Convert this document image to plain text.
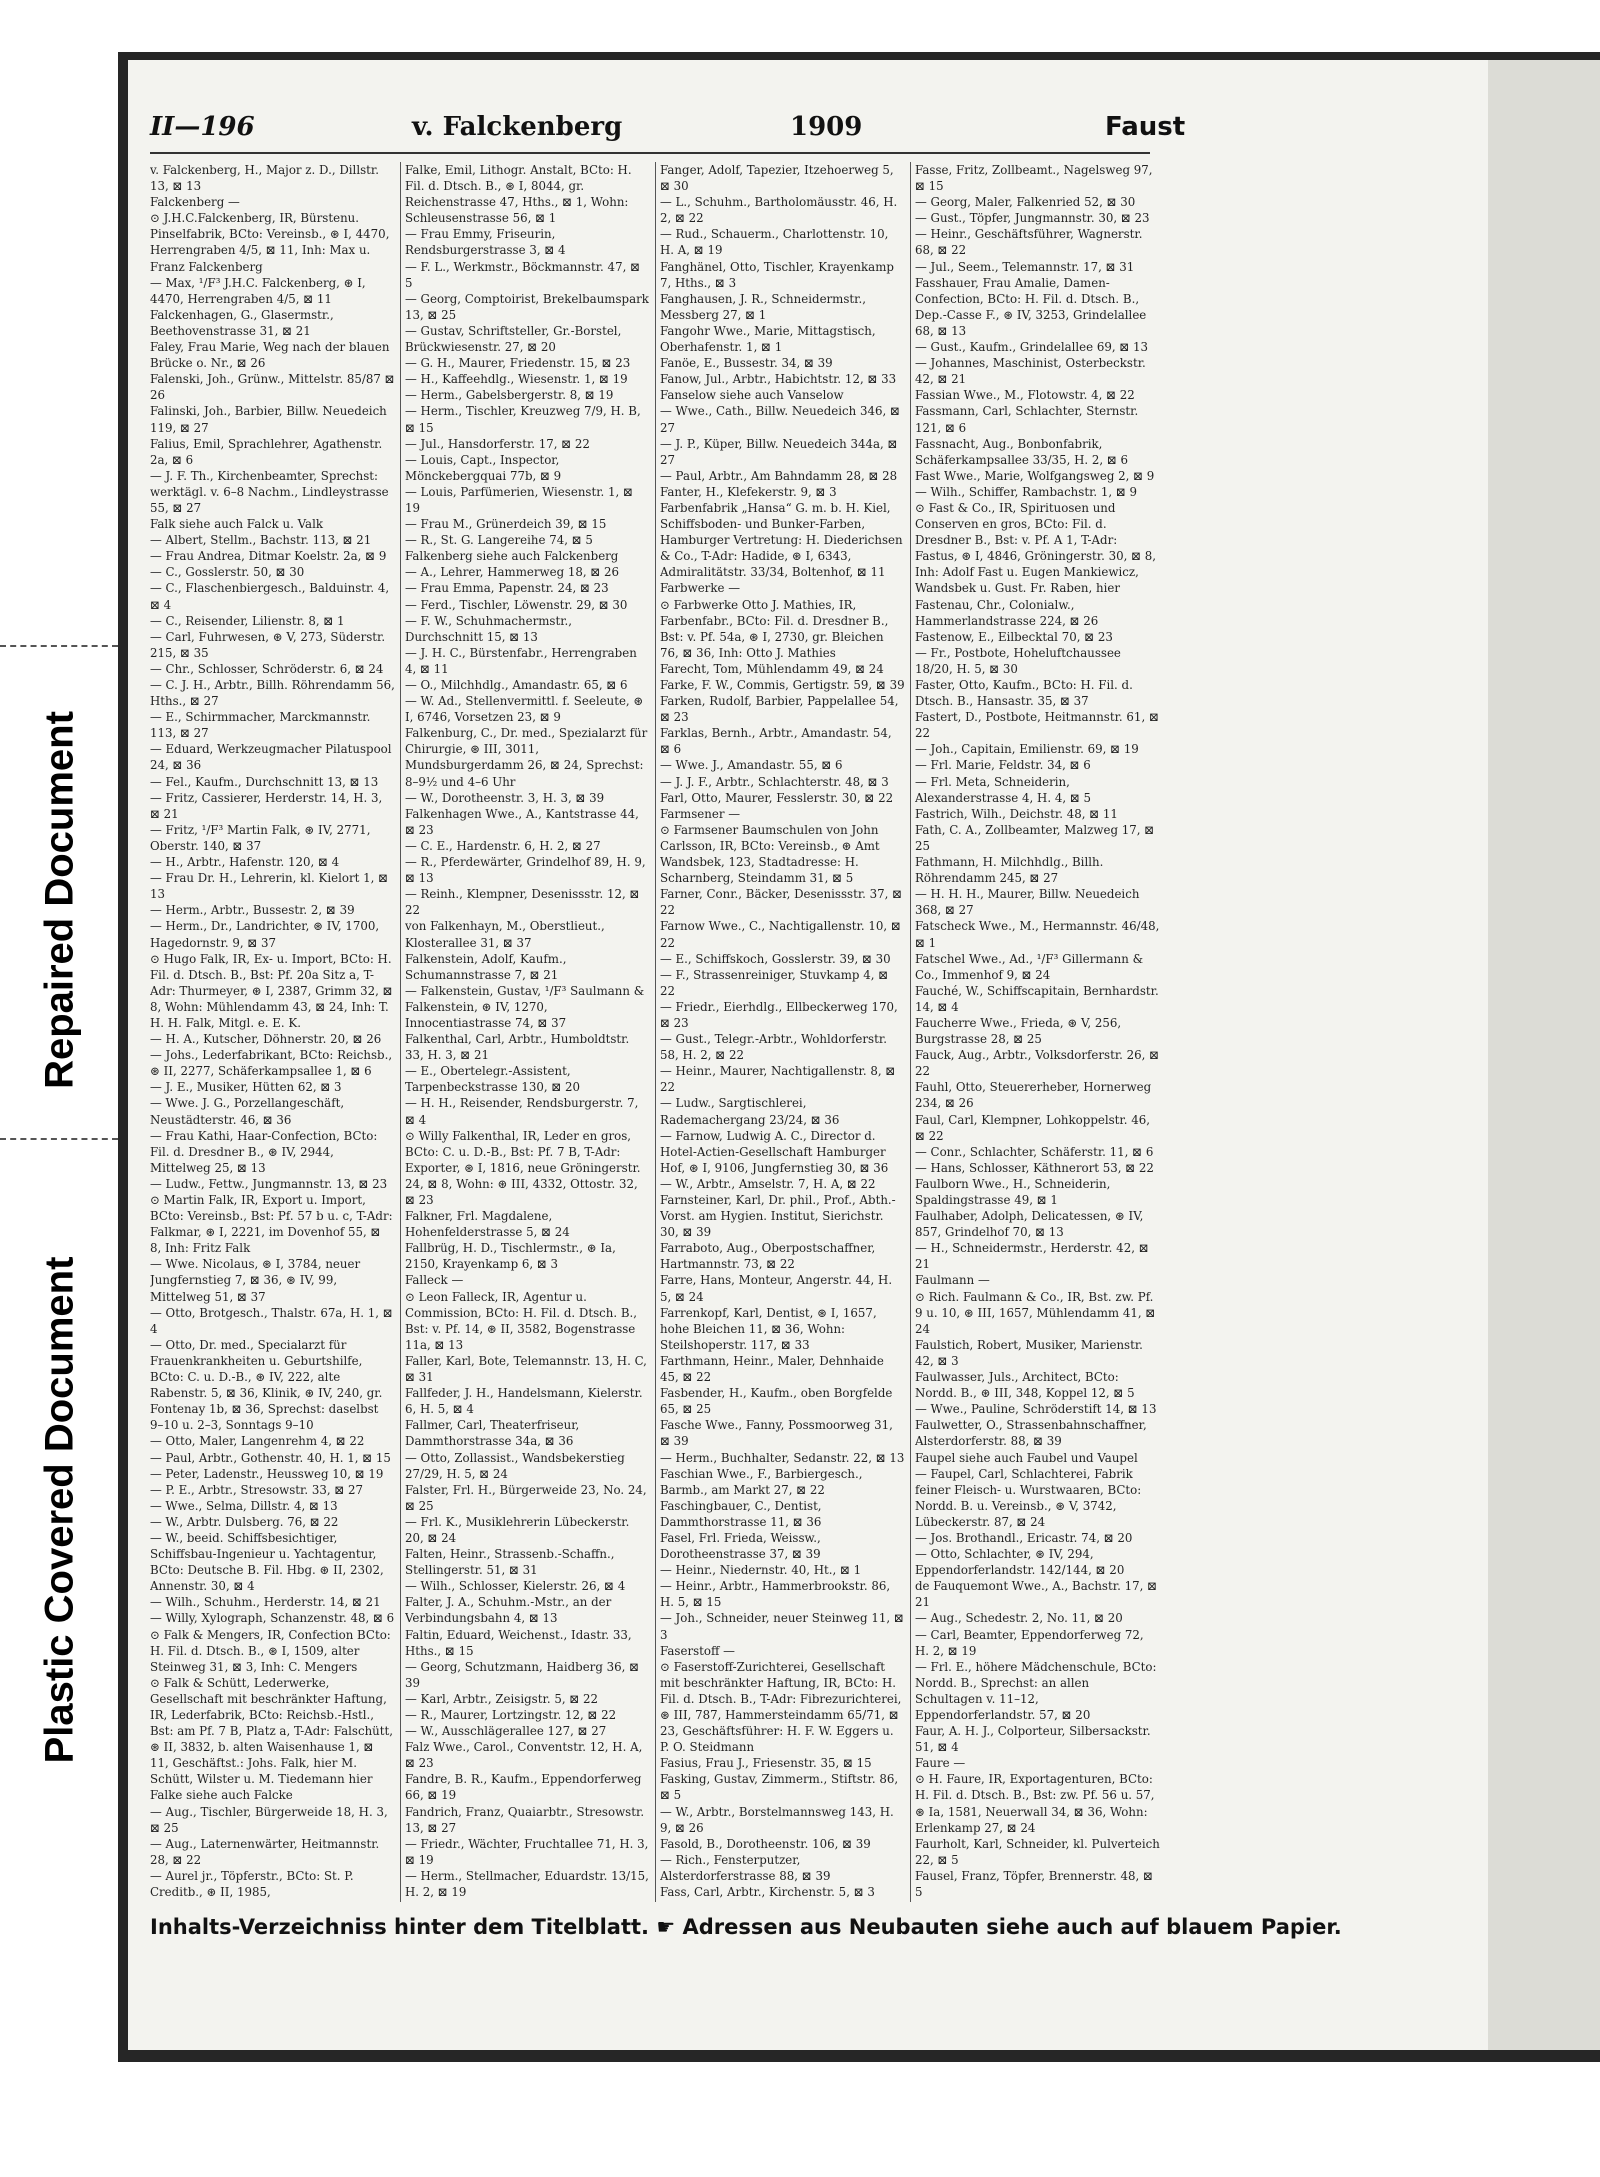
Repaired Document
Plastic Covered Document
II—196	v. Falckenberg	1909	Faust

v. Falckenberg, H., Major z. D., Dillstr. 13, ⊠ 13

Falckenberg —

⊙ J.H.C.Falckenberg, IR, Bürstenu. Pinselfabrik, BCto: Vereinsb., ⊛ I, 4470, Herrengraben 4/5, ⊠ 11, Inh: Max u. Franz Falckenberg

— Max, ¹/F³ J.H.C. Falckenberg, ⊛ I, 4470, Herrengraben 4/5, ⊠ 11

Falckenhagen, G., Glasermstr., Beethovenstrasse 31, ⊠ 21

Faley, Frau Marie, Weg nach der blauen Brücke o. Nr., ⊠ 26

Falenski, Joh., Grünw., Mittelstr. 85/87 ⊠ 26

Falinski, Joh., Barbier, Billw. Neuedeich 119, ⊠ 27

Falius, Emil, Sprachlehrer, Agathenstr. 2a, ⊠ 6

— J. F. Th., Kirchenbeamter, Sprechst: werktägl. v. 6–8 Nachm., Lindleystrasse 55, ⊠ 27

Falk siehe auch Falck u. Valk

— Albert, Stellm., Bachstr. 113, ⊠ 21

— Frau Andrea, Ditmar Koelstr. 2a, ⊠ 9

— C., Gosslerstr. 50, ⊠ 30

— C., Flaschenbiergesch., Balduinstr. 4, ⊠ 4

— C., Reisender, Lilienstr. 8, ⊠ 1

— Carl, Fuhrwesen, ⊛ V, 273, Süderstr. 215, ⊠ 35

— Chr., Schlosser, Schröderstr. 6, ⊠ 24

— C. J. H., Arbtr., Billh. Röhrendamm 56, Hths., ⊠ 27

— E., Schirmmacher, Marckmannstr. 113, ⊠ 27

— Eduard, Werkzeugmacher Pilatuspool 24, ⊠ 36

— Fel., Kaufm., Durchschnitt 13, ⊠ 13

— Fritz, Cassierer, Herderstr. 14, H. 3, ⊠ 21

— Fritz, ¹/F³ Martin Falk, ⊛ IV, 2771, Oberstr. 140, ⊠ 37

— H., Arbtr., Hafenstr. 120, ⊠ 4

— Frau Dr. H., Lehrerin, kl. Kielort 1, ⊠ 13

— Herm., Arbtr., Bussestr. 2, ⊠ 39

— Herm., Dr., Landrichter, ⊛ IV, 1700, Hagedornstr. 9, ⊠ 37

⊙ Hugo Falk, IR, Ex- u. Import, BCto: H. Fil. d. Dtsch. B., Bst: Pf. 20a Sitz a, T-Adr: Thurmeyer, ⊛ I, 2387, Grimm 32, ⊠ 8, Wohn: Mühlendamm 43, ⊠ 24, Inh: T. H. H. Falk, Mitgl. e. E. K.

— H. A., Kutscher, Döhnerstr. 20, ⊠ 26

— Johs., Lederfabrikant, BCto: Reichsb., ⊛ II, 2277, Schäferkampsallee 1, ⊠ 6

— J. E., Musiker, Hütten 62, ⊠ 3

— Wwe. J. G., Porzellangeschäft, Neustädterstr. 46, ⊠ 36

— Frau Kathi, Haar-Confection, BCto: Fil. d. Dresdner B., ⊛ IV, 2944, Mittelweg 25, ⊠ 13

— Ludw., Fettw., Jungmannstr. 13, ⊠ 23

⊙ Martin Falk, IR, Export u. Import, BCto: Vereinsb., Bst: Pf. 57 b u. c, T-Adr: Falkmar, ⊛ I, 2221, im Dovenhof 55, ⊠ 8, Inh: Fritz Falk

— Wwe. Nicolaus, ⊛ I, 3784, neuer Jungfernstieg 7, ⊠ 36, ⊛ IV, 99, Mittelweg 51, ⊠ 37

— Otto, Brotgesch., Thalstr. 67a, H. 1, ⊠ 4

— Otto, Dr. med., Specialarzt für Frauenkrankheiten u. Geburtshilfe, BCto: C. u. D.-B., ⊛ IV, 222, alte Rabenstr. 5, ⊠ 36, Klinik, ⊛ IV, 240, gr. Fontenay 1b, ⊠ 36, Sprechst: daselbst 9–10 u. 2–3, Sonntags 9–10

— Otto, Maler, Langenrehm 4, ⊠ 22

— Paul, Arbtr., Gothenstr. 40, H. 1, ⊠ 15

— Peter, Ladenstr., Heussweg 10, ⊠ 19

— P. E., Arbtr., Stresowstr. 33, ⊠ 27

— Wwe., Selma, Dillstr. 4, ⊠ 13

— W., Arbtr. Dulsberg. 76, ⊠ 22

— W., beeid. Schiffsbesichtiger, Schiffsbau-Ingenieur u. Yachtagentur, BCto: Deutsche B. Fil. Hbg. ⊛ II, 2302, Annenstr. 30, ⊠ 4

— Wilh., Schuhm., Herderstr. 14, ⊠ 21

— Willy, Xylograph, Schanzenstr. 48, ⊠ 6

⊙ Falk & Mengers, IR, Confection BCto: H. Fil. d. Dtsch. B., ⊛ I, 1509, alter Steinweg 31, ⊠ 3, Inh: C. Mengers

⊙ Falk & Schütt, Lederwerke, Gesellschaft mit beschränkter Haftung, IR, Lederfabrik, BCto: Reichsb.-Hstl., Bst: am Pf. 7 B, Platz a, T-Adr: Falschütt, ⊛ II, 3832, b. alten Waisenhause 1, ⊠ 11, Geschäftst.: Johs. Falk, hier M. Schütt, Wilster u. M. Tiedemann hier

Falke siehe auch Falcke

— Aug., Tischler, Bürgerweide 18, H. 3, ⊠ 25

— Aug., Laternenwärter, Heitmannstr. 28, ⊠ 22

— Aurel jr., Töpferstr., BCto: St. P. Creditb., ⊛ II, 1985,

Falke, Emil, Lithogr. Anstalt, BCto: H. Fil. d. Dtsch. B., ⊛ I, 8044, gr. Reichenstrasse 47, Hths., ⊠ 1, Wohn: Schleusenstrasse 56, ⊠ 1

— Frau Emmy, Friseurin, Rendsburgerstrasse 3, ⊠ 4

— F. L., Werkmstr., Böckmannstr. 47, ⊠ 5

— Georg, Comptoirist, Brekelbaumspark 13, ⊠ 25

— Gustav, Schriftsteller, Gr.-Borstel, Brückwiesenstr. 27, ⊠ 20

— G. H., Maurer, Friedenstr. 15, ⊠ 23

— H., Kaffeehdlg., Wiesenstr. 1, ⊠ 19

— Herm., Gabelsbergerstr. 8, ⊠ 19

— Herm., Tischler, Kreuzweg 7/9, H. B, ⊠ 15

— Jul., Hansdorferstr. 17, ⊠ 22

— Louis, Capt., Inspector, Mönckebergquai 77b, ⊠ 9

— Louis, Parfümerien, Wiesenstr. 1, ⊠ 19

— Frau M., Grünerdeich 39, ⊠ 15

— R., St. G. Langereihe 74, ⊠ 5

Falkenberg siehe auch Falckenberg

— A., Lehrer, Hammerweg 18, ⊠ 26

— Frau Emma, Papenstr. 24, ⊠ 23

— Ferd., Tischler, Löwenstr. 29, ⊠ 30

— F. W., Schuhmachermstr., Durchschnitt 15, ⊠ 13

— J. H. C., Bürstenfabr., Herrengraben 4, ⊠ 11

— O., Milchhdlg., Amandastr. 65, ⊠ 6

— W. Ad., Stellenvermittl. f. Seeleute, ⊛ I, 6746, Vorsetzen 23, ⊠ 9

Falkenburg, C., Dr. med., Spezialarzt für Chirurgie, ⊛ III, 3011, Mundsburgerdamm 26, ⊠ 24, Sprechst: 8–9½ und 4–6 Uhr

— W., Dorotheenstr. 3, H. 3, ⊠ 39

Falkenhagen Wwe., A., Kantstrasse 44, ⊠ 23

— C. E., Hardenstr. 6, H. 2, ⊠ 27

— R., Pferdewärter, Grindelhof 89, H. 9, ⊠ 13

— Reinh., Klempner, Desenissstr. 12, ⊠ 22

von Falkenhayn, M., Oberstlieut., Klosterallee 31, ⊠ 37

Falkenstein, Adolf, Kaufm., Schumannstrasse 7, ⊠ 21

— Falkenstein, Gustav, ¹/F³ Saulmann & Falkenstein, ⊛ IV, 1270, Innocentiastrasse 74, ⊠ 37

Falkenthal, Carl, Arbtr., Humboldtstr. 33, H. 3, ⊠ 21

— E., Obertelegr.-Assistent, Tarpenbeckstrasse 130, ⊠ 20

— H. H., Reisender, Rendsburgerstr. 7, ⊠ 4

⊙ Willy Falkenthal, IR, Leder en gros, BCto: C. u. D.-B., Bst: Pf. 7 B, T-Adr: Exporter, ⊛ I, 1816, neue Gröningerstr. 24, ⊠ 8, Wohn: ⊛ III, 4332, Ottostr. 32, ⊠ 23

Falkner, Frl. Magdalene, Hohenfelderstrasse 5, ⊠ 24

Fallbrüg, H. D., Tischlermstr., ⊛ Ia, 2150, Krayenkamp 6, ⊠ 3

Falleck —

⊙ Leon Falleck, IR, Agentur u. Commission, BCto: H. Fil. d. Dtsch. B., Bst: v. Pf. 14, ⊛ II, 3582, Bogenstrasse 11a, ⊠ 13

Faller, Karl, Bote, Telemannstr. 13, H. C, ⊠ 31

Fallfeder, J. H., Handelsmann, Kielerstr. 6, H. 5, ⊠ 4

Fallmer, Carl, Theaterfriseur, Dammthorstrasse 34a, ⊠ 36

— Otto, Zollassist., Wandsbekerstieg 27/29, H. 5, ⊠ 24

Falster, Frl. H., Bürgerweide 23, No. 24, ⊠ 25

— Frl. K., Musiklehrerin Lübeckerstr. 20, ⊠ 24

Falten, Heinr., Strassenb.-Schaffn., Stellingerstr. 51, ⊠ 31

— Wilh., Schlosser, Kielerstr. 26, ⊠ 4

Falter, J. A., Schuhm.-Mstr., an der Verbindungsbahn 4, ⊠ 13

Faltin, Eduard, Weichenst., Idastr. 33, Hths., ⊠ 15

— Georg, Schutzmann, Haidberg 36, ⊠ 39

— Karl, Arbtr., Zeisigstr. 5, ⊠ 22

— R., Maurer, Lortzingstr. 12, ⊠ 22

— W., Ausschlägerallee 127, ⊠ 27

Falz Wwe., Carol., Conventstr. 12, H. A, ⊠ 23

Fandre, B. R., Kaufm., Eppendorferweg 66, ⊠ 19

Fandrich, Franz, Quaiarbtr., Stresowstr. 13, ⊠ 27

— Friedr., Wächter, Fruchtallee 71, H. 3, ⊠ 19

— Herm., Stellmacher, Eduardstr. 13/15, H. 2, ⊠ 19

Fanger, Adolf, Tapezier, Itzehoerweg 5, ⊠ 30

— L., Schuhm., Bartholomäusstr. 46, H. 2, ⊠ 22

— Rud., Schauerm., Charlottenstr. 10, H. A, ⊠ 19

Fanghänel, Otto, Tischler, Krayenkamp 7, Hths., ⊠ 3

Fanghausen, J. R., Schneidermstr., Messberg 27, ⊠ 1

Fangohr Wwe., Marie, Mittagstisch, Oberhafenstr. 1, ⊠ 1

Fanöe, E., Bussestr. 34, ⊠ 39

Fanow, Jul., Arbtr., Habichtstr. 12, ⊠ 33

Fanselow siehe auch Vanselow

— Wwe., Cath., Billw. Neuedeich 346, ⊠ 27

— J. P., Küper, Billw. Neuedeich 344a, ⊠ 27

— Paul, Arbtr., Am Bahndamm 28, ⊠ 28

Fanter, H., Klefekerstr. 9, ⊠ 3

Farbenfabrik „Hansa“ G. m. b. H. Kiel, Schiffsboden- und Bunker-Farben, Hamburger Vertretung: H. Diederichsen & Co., T-Adr: Hadide, ⊛ I, 6343, Admiralitätstr. 33/34, Boltenhof, ⊠ 11

Farbwerke —

⊙ Farbwerke Otto J. Mathies, IR, Farbenfabr., BCto: Fil. d. Dresdner B., Bst: v. Pf. 54a, ⊛ I, 2730, gr. Bleichen 76, ⊠ 36, Inh: Otto J. Mathies

Farecht, Tom, Mühlendamm 49, ⊠ 24

Farke, F. W., Commis, Gertigstr. 59, ⊠ 39

Farken, Rudolf, Barbier, Pappelallee 54, ⊠ 23

Farklas, Bernh., Arbtr., Amandastr. 54, ⊠ 6

— Wwe. J., Amandastr. 55, ⊠ 6

— J. J. F., Arbtr., Schlachterstr. 48, ⊠ 3

Farl, Otto, Maurer, Fesslerstr. 30, ⊠ 22

Farmsener —

⊙ Farmsener Baumschulen von John Carlsson, IR, BCto: Vereinsb., ⊛ Amt Wandsbek, 123, Stadtadresse: H. Scharnberg, Steindamm 31, ⊠ 5

Farner, Conr., Bäcker, Desenissstr. 37, ⊠ 22

Farnow Wwe., C., Nachtigallenstr. 10, ⊠ 22

— E., Schiffskoch, Gosslerstr. 39, ⊠ 30

— F., Strassenreiniger, Stuvkamp 4, ⊠ 22

— Friedr., Eierhdlg., Ellbeckerweg 170, ⊠ 23

— Gust., Telegr.-Arbtr., Wohldorferstr. 58, H. 2, ⊠ 22

— Heinr., Maurer, Nachtigallenstr. 8, ⊠ 22

— Ludw., Sargtischlerei, Rademachergang 23/24, ⊠ 36

— Farnow, Ludwig A. C., Director d. Hotel-Actien-Gesellschaft Hamburger Hof, ⊛ I, 9106, Jungfernstieg 30, ⊠ 36

— W., Arbtr., Amselstr. 7, H. A, ⊠ 22

Farnsteiner, Karl, Dr. phil., Prof., Abth.-Vorst. am Hygien. Institut, Sierichstr. 30, ⊠ 39

Farraboto, Aug., Oberpostschaffner, Hartmannstr. 73, ⊠ 22

Farre, Hans, Monteur, Angerstr. 44, H. 5, ⊠ 24

Farrenkopf, Karl, Dentist, ⊛ I, 1657, hohe Bleichen 11, ⊠ 36, Wohn: Steilshoperstr. 117, ⊠ 33

Farthmann, Heinr., Maler, Dehnhaide 45, ⊠ 22

Fasbender, H., Kaufm., oben Borgfelde 65, ⊠ 25

Fasche Wwe., Fanny, Possmoorweg 31, ⊠ 39

— Herm., Buchhalter, Sedanstr. 22, ⊠ 13

Faschian Wwe., F., Barbiergesch., Barmb., am Markt 27, ⊠ 22

Faschingbauer, C., Dentist, Dammthorstrasse 11, ⊠ 36

Fasel, Frl. Frieda, Weissw., Dorotheenstrasse 37, ⊠ 39

— Heinr., Niedernstr. 40, Ht., ⊠ 1

— Heinr., Arbtr., Hammerbrookstr. 86, H. 5, ⊠ 15

— Joh., Schneider, neuer Steinweg 11, ⊠ 3

Faserstoff —

⊙ Faserstoff-Zurichterei, Gesellschaft mit beschränkter Haftung, IR, BCto: H. Fil. d. Dtsch. B., T-Adr: Fibrezurichterei, ⊛ III, 787, Hammersteindamm 65/71, ⊠ 23, Geschäftsführer: H. F. W. Eggers u. P. O. Steidmann

Fasius, Frau J., Friesenstr. 35, ⊠ 15

Fasking, Gustav, Zimmerm., Stiftstr. 86, ⊠ 5

— W., Arbtr., Borstelmannsweg 143, H. 9, ⊠ 26

Fasold, B., Dorotheenstr. 106, ⊠ 39

— Rich., Fensterputzer, Alsterdorferstrasse 88, ⊠ 39

Fass, Carl, Arbtr., Kirchenstr. 5, ⊠ 3

Fasse, Fritz, Zollbeamt., Nagelsweg 97, ⊠ 15

— Georg, Maler, Falkenried 52, ⊠ 30

— Gust., Töpfer, Jungmannstr. 30, ⊠ 23

— Heinr., Geschäftsführer, Wagnerstr. 68, ⊠ 22

— Jul., Seem., Telemannstr. 17, ⊠ 31

Fasshauer, Frau Amalie, Damen-Confection, BCto: H. Fil. d. Dtsch. B., Dep.-Casse F., ⊛ IV, 3253, Grindelallee 68, ⊠ 13

— Gust., Kaufm., Grindelallee 69, ⊠ 13

— Johannes, Maschinist, Osterbeckstr. 42, ⊠ 21

Fassian Wwe., M., Flotowstr. 4, ⊠ 22

Fassmann, Carl, Schlachter, Sternstr. 121, ⊠ 6

Fassnacht, Aug., Bonbonfabrik, Schäferkampsallee 33/35, H. 2, ⊠ 6

Fast Wwe., Marie, Wolfgangsweg 2, ⊠ 9

— Wilh., Schiffer, Rambachstr. 1, ⊠ 9

⊙ Fast & Co., IR, Spirituosen und Conserven en gros, BCto: Fil. d. Dresdner B., Bst: v. Pf. A 1, T-Adr: Fastus, ⊛ I, 4846, Gröningerstr. 30, ⊠ 8, Inh: Adolf Fast u. Eugen Mankiewicz, Wandsbek u. Gust. Fr. Raben, hier

Fastenau, Chr., Colonialw., Hammerlandstrasse 224, ⊠ 26

Fastenow, E., Eilbecktal 70, ⊠ 23

— Fr., Postbote, Hoheluftchaussee 18/20, H. 5, ⊠ 30

Faster, Otto, Kaufm., BCto: H. Fil. d. Dtsch. B., Hansastr. 35, ⊠ 37

Fastert, D., Postbote, Heitmannstr. 61, ⊠ 22

— Joh., Capitain, Emilienstr. 69, ⊠ 19

— Frl. Marie, Feldstr. 34, ⊠ 6

— Frl. Meta, Schneiderin, Alexanderstrasse 4, H. 4, ⊠ 5

Fastrich, Wilh., Deichstr. 48, ⊠ 11

Fath, C. A., Zollbeamter, Malzweg 17, ⊠ 25

Fathmann, H. Milchhdlg., Billh. Röhrendamm 245, ⊠ 27

— H. H. H., Maurer, Billw. Neuedeich 368, ⊠ 27

Fatscheck Wwe., M., Hermannstr. 46/48, ⊠ 1

Fatschel Wwe., Ad., ¹/F³ Gillermann & Co., Immenhof 9, ⊠ 24

Fauché, W., Schiffscapitain, Bernhardstr. 14, ⊠ 4

Faucherre Wwe., Frieda, ⊛ V, 256, Burgstrasse 28, ⊠ 25

Fauck, Aug., Arbtr., Volksdorferstr. 26, ⊠ 22

Fauhl, Otto, Steuererheber, Hornerweg 234, ⊠ 26

Faul, Carl, Klempner, Lohkoppelstr. 46, ⊠ 22

— Conr., Schlachter, Schäferstr. 11, ⊠ 6

— Hans, Schlosser, Käthnerort 53, ⊠ 22

Faulborn Wwe., H., Schneiderin, Spaldingstrasse 49, ⊠ 1

Faulhaber, Adolph, Delicatessen, ⊛ IV, 857, Grindelhof 70, ⊠ 13

— H., Schneidermstr., Herderstr. 42, ⊠ 21

Faulmann —

⊙ Rich. Faulmann & Co., IR, Bst. zw. Pf. 9 u. 10, ⊛ III, 1657, Mühlendamm 41, ⊠ 24

Faulstich, Robert, Musiker, Marienstr. 42, ⊠ 3

Faulwasser, Juls., Architect, BCto: Nordd. B., ⊛ III, 348, Koppel 12, ⊠ 5

— Wwe., Pauline, Schröderstift 14, ⊠ 13

Faulwetter, O., Strassenbahnschaffner, Alsterdorferstr. 88, ⊠ 39

Faupel siehe auch Faubel und Vaupel

— Faupel, Carl, Schlachterei, Fabrik feiner Fleisch- u. Wurstwaaren, BCto: Nordd. B. u. Vereinsb., ⊛ V, 3742, Lübeckerstr. 87, ⊠ 24

— Jos. Brothandl., Ericastr. 74, ⊠ 20

— Otto, Schlachter, ⊛ IV, 294, Eppendorferlandstr. 142/144, ⊠ 20

de Fauquemont Wwe., A., Bachstr. 17, ⊠ 21

— Aug., Schedestr. 2, No. 11, ⊠ 20

— Carl, Beamter, Eppendorferweg 72, H. 2, ⊠ 19

— Frl. E., höhere Mädchenschule, BCto: Nordd. B., Sprechst: an allen Schultagen v. 11–12, Eppendorferlandstr. 57, ⊠ 20

Faur, A. H. J., Colporteur, Silbersackstr. 51, ⊠ 4

Faure —

⊙ H. Faure, IR, Exportagenturen, BCto: H. Fil. d. Dtsch. B., Bst: zw. Pf. 56 u. 57, ⊛ Ia, 1581, Neuerwall 34, ⊠ 36, Wohn: Erlenkamp 27, ⊠ 24

Faurholt, Karl, Schneider, kl. Pulverteich 22, ⊠ 5

Fausel, Franz, Töpfer, Brennerstr. 48, ⊠ 5

Inhalts-Verzeichniss hinter dem Titelblatt. ☛ Adressen aus Neubauten siehe auch auf blauem Papier.
